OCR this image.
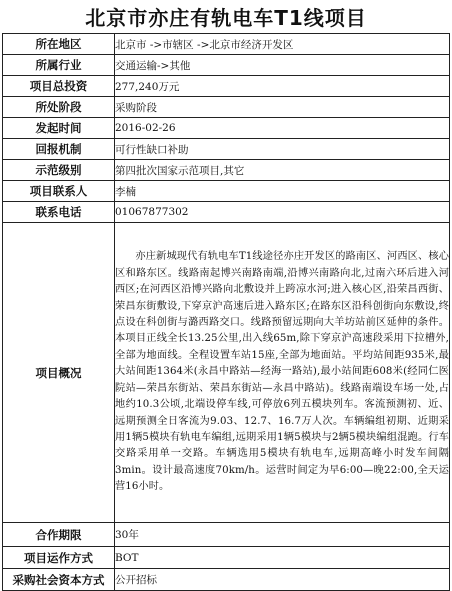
北京市亦庄有轨电车T1线项目
所在地区	北京市 ->市辖区 ->北京市经济开发区
所属行业	交通运输->其他
项目总投资	277,240万元
所处阶段	采购阶段
发起时间	2016-02-26
回报机制	可行性缺口补助
示范级别	第四批次国家示范项目,其它
项目联系人	李楠
联系电话	01067877302
项目概况	亦庄新城现代有轨电车T1线途径亦庄开发区的路南区、河西区、核心区和路东区。线路南起博兴南路南端,沿博兴南路向北,过南六环后进入河西区;在河西区沿博兴路向北敷设并上跨凉水河;进入核心区,沿荣昌西街、荣昌东街敷设,下穿京沪高速后进入路东区;在路东区沿科创街向东敷设,终点设在科创街与潞西路交口。线路预留远期向大羊坊站前区延伸的条件。本项目正线全长13.25公里,出入线65m,除下穿京沪高速段采用下拉槽外,全部为地面线。全程设置车站15座,全部为地面站。平均站间距935米,最大站间距1364米(永昌中路站—经海一路站),最小站间距608米(经同仁医院站—荣昌东街站、荣昌东街站—永昌中路站)。线路南端设车场一处,占地约10.3公顷,北端设停车线,可停放6列五模块列车。客流预测初、近、远期预测全日客流为9.03、12.7、16.7万人次。车辆编组初期、近期采用1辆5模块有轨电车编组,远期采用1辆5模块与2辆5模块编组混跑。行车交路采用单一交路。车辆选用5模块有轨电车,远期高峰小时发车间隔3min。设计最高速度70km/h。运营时间定为早6:00—晚22:00,全天运营16小时。
合作期限	30年
项目运作方式	BOT
采购社会资本方式	公开招标
